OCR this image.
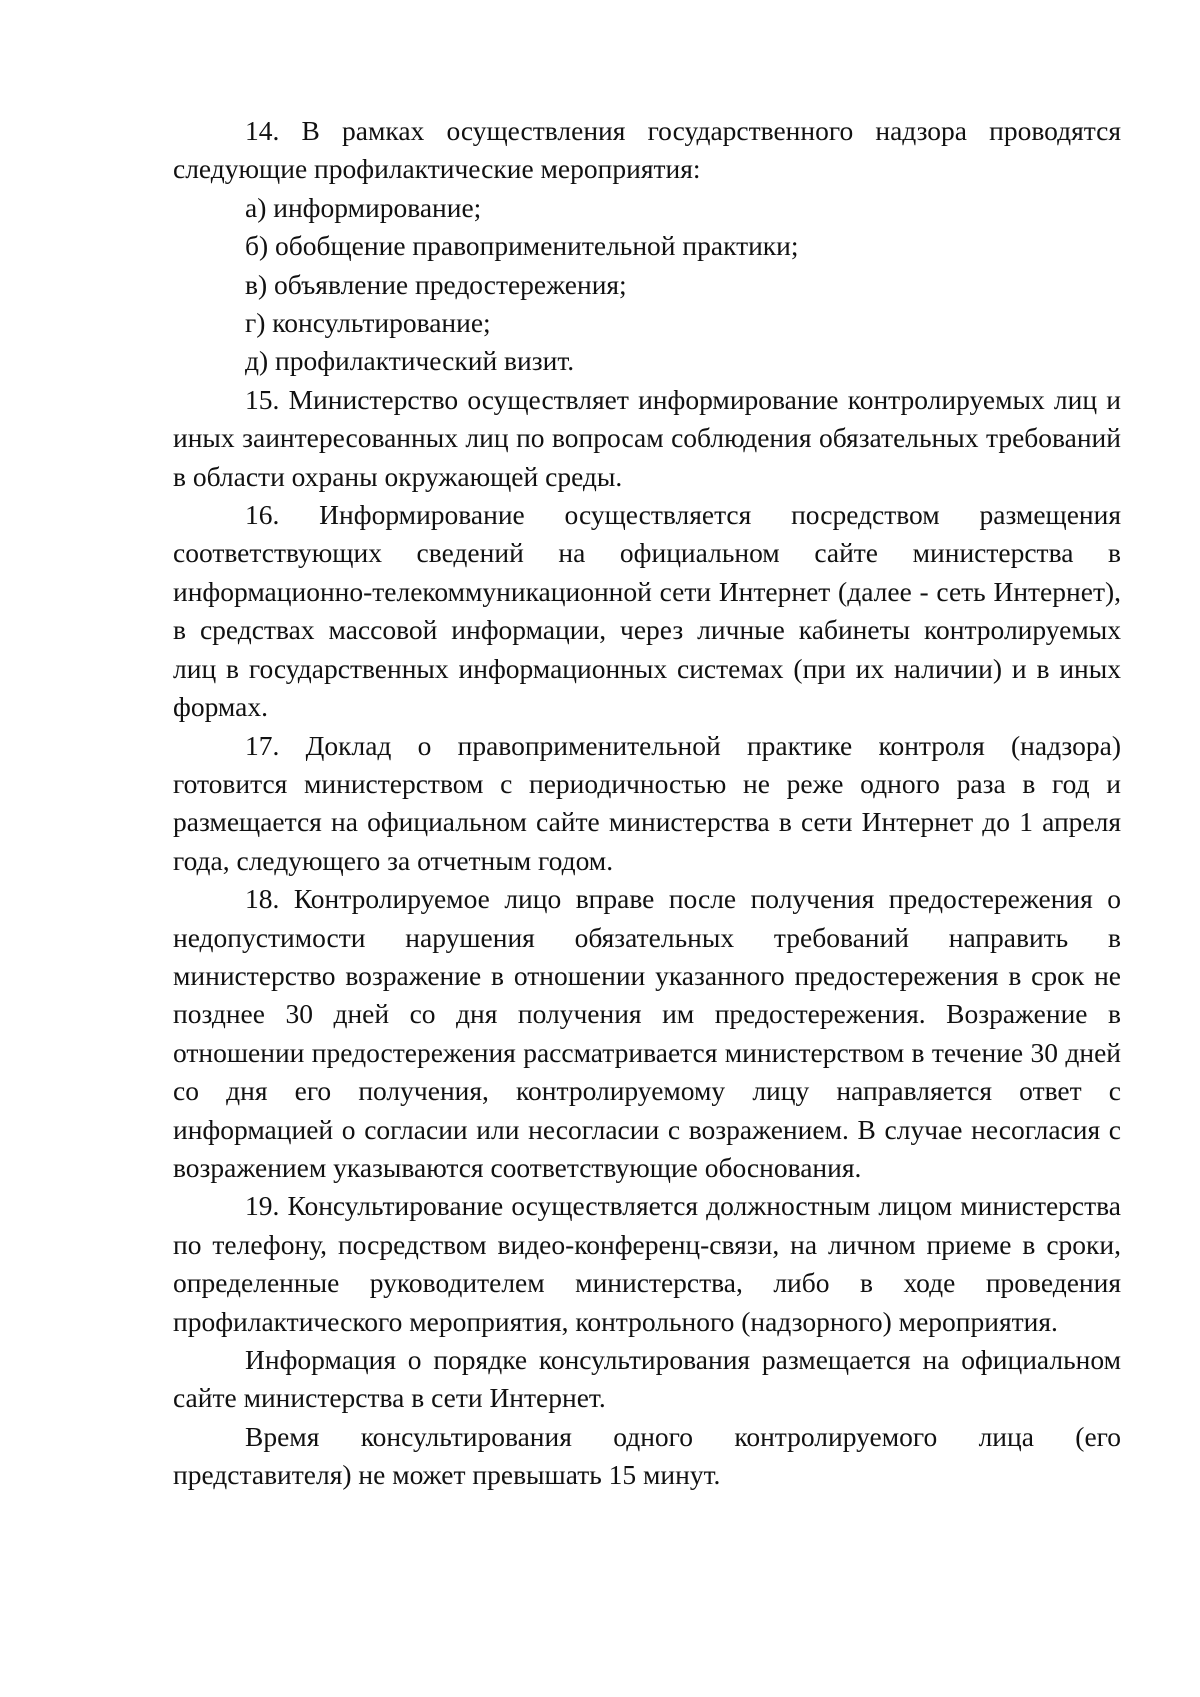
14. В рамках осуществления государственного надзора проводятся следующие профилактические мероприятия:

а) информирование;

б) обобщение правоприменительной практики;

в) объявление предостережения;

г) консультирование;

д) профилактический визит.

15. Министерство осуществляет информирование контролируемых лиц и иных заинтересованных лиц по вопросам соблюдения обязательных требований в области охраны окружающей среды.

16. Информирование осуществляется посредством размещения соответствующих сведений на официальном сайте министерства в информационно-телекоммуникационной сети Интернет (далее - сеть Интернет), в средствах массовой информации, через личные кабинеты контролируемых лиц в государственных информационных системах (при их наличии) и в иных формах.

17. Доклад о правоприменительной практике контроля (надзора) готовится министерством с периодичностью не реже одного раза в год и размещается на официальном сайте министерства в сети Интернет до 1 апреля года, следующего за отчетным годом.

18. Контролируемое лицо вправе после получения предостережения о недопустимости нарушения обязательных требований направить в министерство возражение в отношении указанного предостережения в срок не позднее 30 дней со дня получения им предостережения. Возражение в отношении предостережения рассматривается министерством в течение 30 дней со дня его получения, контролируемому лицу направляется ответ с информацией о согласии или несогласии с возражением. В случае несогласия с возражением указываются соответствующие обоснования.

19. Консультирование осуществляется должностным лицом министерства по телефону, посредством видео-конференц-связи, на личном приеме в сроки, определенные руководителем министерства, либо в ходе проведения профилактического мероприятия, контрольного (надзорного) мероприятия.

Информация о порядке консультирования размещается на официальном сайте министерства в сети Интернет.

Время консультирования одного контролируемого лица (его представителя) не может превышать 15 минут.
